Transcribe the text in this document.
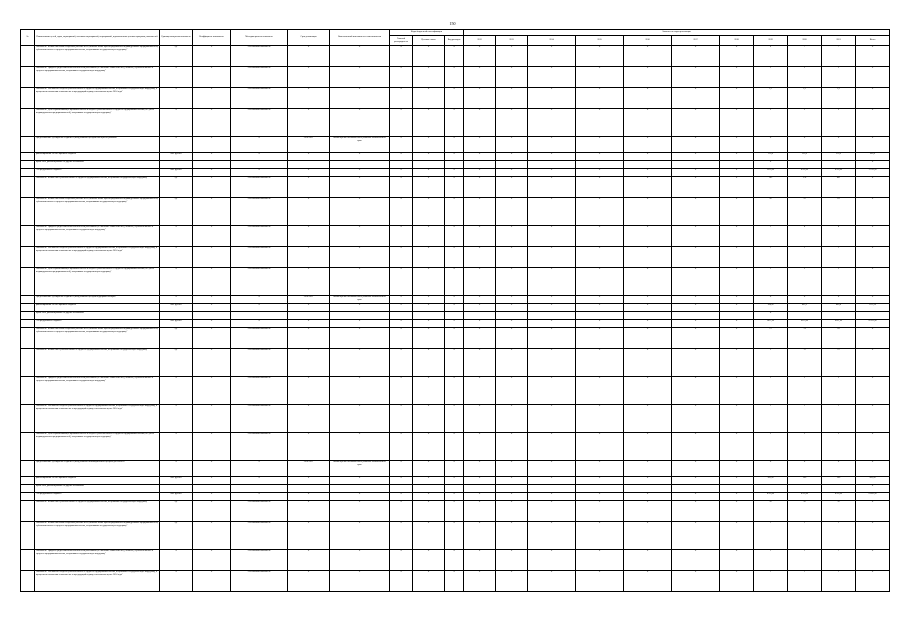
150
№	Наименование целей, задач, мероприятий, основных мероприятий, мероприятий, ведомственных целевых программ, показателей	Единица измерения показателя	Коэффициент значимости	Методика расчета показателя	Срок реализации	Ответственный исполнитель и соисполнители	Коды бюджетной классификации			Значение по годам реализации										
							Главный распорядитель	Целевая статья	Вид расходов	2012	2013	2014	2015	2016	2017	2018	2019	2020	2021	Итого
	Показатель "Количество вновь созданных рабочих мест (включая вновь зарегистрированных индивидуальных предпринимателей) субъектами малого и среднего предпринимательства, получившими государственную поддержку"	ед.	X	Абсолютный показатель	X	X	X	X	X	X	X	X	X	X	X	X	6	7	7	X
	Показатель "Прирост среднесписочной численности работников (без внешних совместителей), занятых у субъектов малого и среднего предпринимательства, получивших государственную поддержку"	%	X	Абсолютный показатель	X	X	X	X	X	X	X	X	X	X	X	X	3	3	3	X
	Показатель "Увеличение оборота субъектов малого и среднего предпринимательства, получивших государственную поддержку, в процентном отношении к показателю за предыдущий период в постоянных ценах 2014 года"	%	X	Абсолютный показатель	X	X	X	X	X	X	X	X	X	X	X	X	3,5	3,5	3,5	X
	Показатель "Доля обрабатывающей промышленности в обороте субъектов малого и среднего предпринимательства (без учета индивидуальных предпринимателей), получивших государственную поддержку"	%	X	Абсолютный показатель	X	X	X	X	X	X	X	X	X	X	X	X	9	9	9	X
	Предоставление субсидий на создание и (или) развитие центров кластерного развития	X	X	X	2018-2021	Министерство экономического развития Забайкальского края	X	X	X	X	X	X	X	X	X	X	X	X	X	X
	финансирование за счет краевого бюджета	тыс. рублей	X	X	X	X	X	X	X	X	X	X	X	X	X	X	150,0	300,0	350,0	800,0
	кроме того, финансирование из других источников:																X			X
	- из федерального бюджета	тыс. рублей	X	X	X	X	X	X	X	X	X	X	X	X	X	X	2350,00	4700,00	4700,00	11750,00
	Показатель "Количество субъектов малого и среднего предпринимательства, получивших государственную поддержку"	ед.	X	Абсолютный показатель	X	X	X	X	X	X	X	X	X	X	X	X	183	374	401	X
	Показатель "Количество вновь созданных рабочих мест (включая вновь зарегистрированных индивидуальных предпринимателей) субъектами малого и среднего предпринимательства, получившими государственную поддержку"	ед.	X	Абсолютный показатель	X	X	X	X	X	X	X	X	X	X	X	X	26	55	63	X
	Показатель "Прирост среднесписочной численности работников (без внешних совместителей), занятых у субъектов малого и среднего предпринимательства, получивших государственную поддержку"	%	X	Абсолютный показатель	X	X	X	X	X	X	X	X	X	X	X	X	1	4	4	X
	Показатель "Увеличение оборота субъектов малого и среднего предпринимательства, получивших государственную поддержку, в процентном отношении к показателю за предыдущий период в постоянных ценах 2014 года"	%	X	Абсолютный показатель	X	X	X	X	X	X	X	X	X	X	X	X	1	1	1	X
	Показатель "Доля обрабатывающей промышленности в обороте субъектов малого и среднего предпринимательства (без учета индивидуальных предпринимателей), получивших государственную поддержку"	%	X	Абсолютный показатель	X	X	X	X	X	X	X	X	X	X	X	X	5	5	5	X
	Предоставление субсидии на создание и (или) развитие центров поддержки экспорта	X	X	X	2018-2021	Министерство экономического развития Забайкальского края	X	X	X	X	X	X	X	X	X	X	X	X	X	X
	финансирование за счет краевого бюджета	тыс. рублей	X	X	X	X	X	X	X	X	X	X	X	X	X	X	184,00	465,5	480,4	1113,90
	кроме того, финансирование из других источников:																X			
	- из федерального бюджета	тыс. рублей	X	X	X	X	X	X	X	X	X	X	X	X	X	X	2812,00	6510,00	6911,00	16153,00
	Показатель "Количество вновь созданных рабочих мест (включая вновь зарегистрированных индивидуальных предпринимателей) субъектами малого и среднего предпринимательства, получившими государственную поддержку"	ед.	X	Абсолютный показатель	X	X	X	X	X	X	X	X	X	X	X	X	15	74	83	X
	Показатель "Количество субъектов малого и среднего предпринимательства, получивших государственную поддержку"	ед.	X	Абсолютный показатель	X	X	X	X	X	X	X	X	X	X	X	X	3	11	12	X
	Показатель "Прирост среднесписочной численности работников (без внешних совместителей), занятых у субъектов малого и среднего предпринимательства, получивших государственную поддержку"	%	X	Абсолютный показатель	X	X	X	X	X	X	X	X	X	X	X	X	3	3	3	X
	Показатель "Увеличение оборота субъектов малого и среднего предпринимательства, получивших государственную поддержку, в процентном отношении к показателю за предыдущий период в постоянных ценах 2014 года"	%	X	Абсолютный показатель	X	X	X	X	X	X	X	X	X	X	X	X	1	1	1	X
	Показатель "Доля обрабатывающей промышленности в обороте субъектов малого и среднего предпринимательства (без учета индивидуальных предпринимателей), получивших государственную поддержку"	%	X	Абсолютный показатель	X	X	X	X	X	X	X	X	X	X	X	X	5	5	5	X
	Предоставление субсидии на создание и (или) развитие инжиниринговых центров для бизнеса	X	X	X	2018-2021	Министерство экономического развития Забайкальского края	X	X	X	X	X	X	X	X	X	X	X	X	X	X
	финансирование за счет краевого бюджета	тыс. рублей	X	X	X	X	X	X	X	X	X	X	X	X	X	X	300,00	300	300	900,00
	кроме того, финансирование из других источников:																			X
	- из федерального бюджета	тыс. рублей	X	X	X	X	X	X	X	X	X	X	X	X	X	X	4700,00	4700,00	4700,00	14100,00
	Показатель "Количество субъектов малого и среднего предпринимательства, получивших государственную поддержку"	ед.	X	Абсолютный показатель	X	X	X	X	X	X	X	X	X	X	X	X	50	50	50	X
	Показатель "Количество вновь созданных рабочих мест (включая вновь зарегистрированных индивидуальных предпринимателей) субъектами малого и среднего предпринимательства, получившими государственную поддержку"	ед.	X	Абсолютный показатель	X	X	X	X	X	X	X	X	X	X	X	X	1	1	1	X
	Показатель "Прирост среднесписочной численности работников (без внешних совместителей), занятых у субъектов малого и среднего предпринимательства, получивших государственную поддержку"	%	X	Абсолютный показатель	X	X	X	X	X	X	X	X	X	X	X	X	1	1	1	X
	Показатель "Увеличение оборота субъектов малого и среднего предпринимательства, получивших государственную поддержку, в процентном отношении к показателю за предыдущий период в постоянных ценах 2014 года"	%	X	Абсолютный показатель	X	X	X	X	X	X	X	X	X	X	X	X	1	1	1	X
